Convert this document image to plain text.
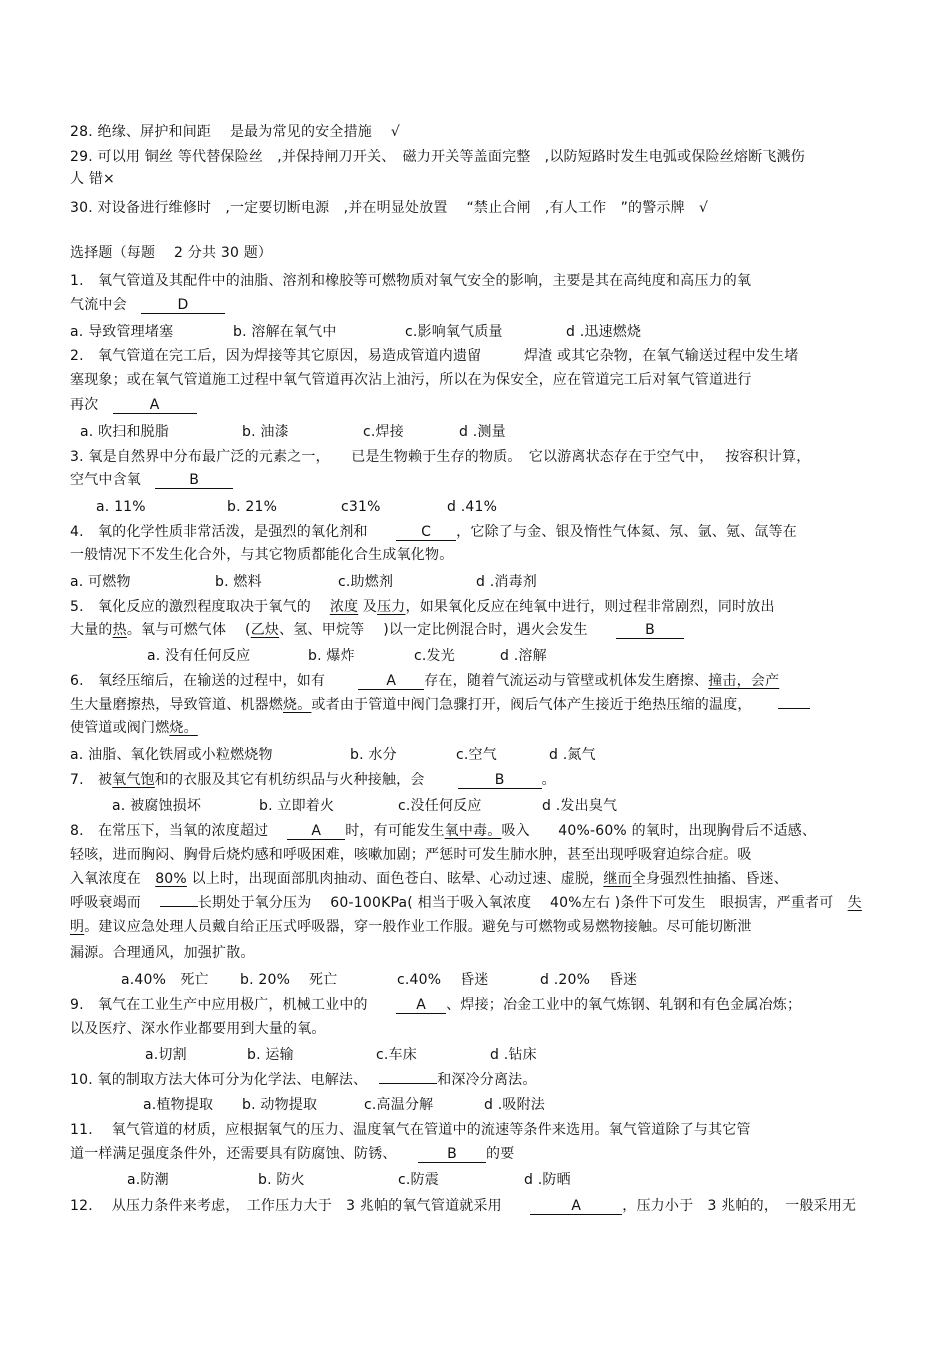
28. 绝缘、屏护和间距　 是最为常见的安全措施　 √
29. 可以用 铜丝 等代替保险丝　,并保持闸刀开关、　磁力开关等盖面完整　,以防短路时发生电弧或保险丝熔断飞溅伤
人 错×
30. 对设备进行维修时　,一定要切断电源　,并在明显处放置　 “禁止合闸　,有人工作　”的警示牌　√
选择题（每题　 2 分共 30 题）
1.　氧气管道及其配件中的油脂、溶剂和橡胶等可燃物质对氧气安全的影响，主要是其在高纯度和高压力的氧
气流中会　	D
a. 导致管理堵塞	b. 溶解在氧气中	c.影响氧气质量	d .迅速燃烧
2.　氧气管道在完工后，因为焊接等其它原因，易造成管道内遗留　　　焊渣 或其它杂物，在氧气输送过程中发生堵
塞现象；或在氧气管道施工过程中氧气管道再次沾上油污，所以在为保安全，应在管道完工后对氧气管道进行
再次　	A
a. 吹扫和脱脂	b. 油漆	c.焊接	d .测量
3. 氧是自然界中分布最广泛的元素之一，　　已是生物赖于生存的物质。　它以游离状态存在于空气中，　 按容积计算，
空气中含氧　	B
a. 11%	b. 21%	c31%	d .41%
4.　氧的化学性质非常活泼，是强烈的氧化剂和　　	C ，它除了与金、银及惰性气体氦、氖、氩、氪、氙等在
一般情况下不发生化合外，与其它物质都能化合生成氧化物。
a. 可燃物	b. 燃料	c.助燃剂	d .消毒剂
5.　氧化反应的激烈程度取决于氧气的　 浓度 及压力，如果氧化反应在纯氧中进行，则过程非常剧烈，同时放出
大量的热。氧与可燃气体　 (乙炔、氢、甲烷等　 )以一定比例混合时，遇火会发生　　	B
a. 没有任何反应	b. 爆炸	c.发光	d .溶解
6.　氧经压缩后，在输送的过程中，如有　　	A 存在，随着气流运动与管壁或机体发生磨擦、撞击，会产
生大量磨擦热，导致管道、机器燃烧。或者由于管道中阀门急骤打开，阀后气体产生接近于绝热压缩的温度，　　
使管道或阀门燃烧。
a. 油脂、氧化铁屑或小粒燃烧物	b. 水分	c.空气	d .氮气
7.　被氧气饱和的衣服及其它有机纺织品与火种接触，会　　	B	。
a. 被腐蚀损坏	b. 立即着火	c.没任何反应	d .发出臭气
8.　在常压下，当氧的浓度超过　	A 时，有可能发生氧中毒。吸入　　40%-60% 的氧时，出现胸骨后不适感、
轻咳，进而胸闷、胸骨后烧灼感和呼吸困难，咳嗽加剧；严惩时可发生肺水肿，甚至出现呼吸窘迫综合症。吸
入氧浓度在　80% 以上时，出现面部肌肉抽动、面色苍白、眩晕、心动过速、虚脱，继而全身强烈性抽搐、昏迷、
呼吸衰竭而　	长期处于氧分压为　 60-100KPa( 相当于吸入氧浓度　 40%左右 )条件下可发生　眼损害，严重者可　失
明。建议应急处理人员戴自给正压式呼吸器，穿一般作业工作服。避免与可燃物或易燃物接触。尽可能切断泄
漏源。合理通风，加强扩散。
a.40%　死亡 b. 20%　 死亡	c.40%　 昏迷	d .20%　 昏迷
9.　氧气在工业生产中应用极广，机械工业中的　　	A 、焊接；冶金工业中的氧气炼钢、轧钢和有色金属冶炼；
以及医疗、深水作业都要用到大量的氧。
a.切割	b. 运输	c.车床	d .钻床
10. 氧的制取方法大体可分为化学法、电解法、　	和深冷分离法。
a.植物提取 b. 动物提取	c.高温分解	d .吸附法
11.　 氧气管道的材质，应根据氧气的压力、温度氧气在管道中的流速等条件来选用。氧气管道除了与其它管
道一样满足强度条件外，还需要具有防腐蚀、防锈、　　	B 的要
a.防潮	b. 防火	c.防震	d .防晒
12.　 从压力条件来考虑，　工作压力大于　3 兆帕的氧气管道就采用　　	A	，压力小于　3 兆帕的，　一般采用无
